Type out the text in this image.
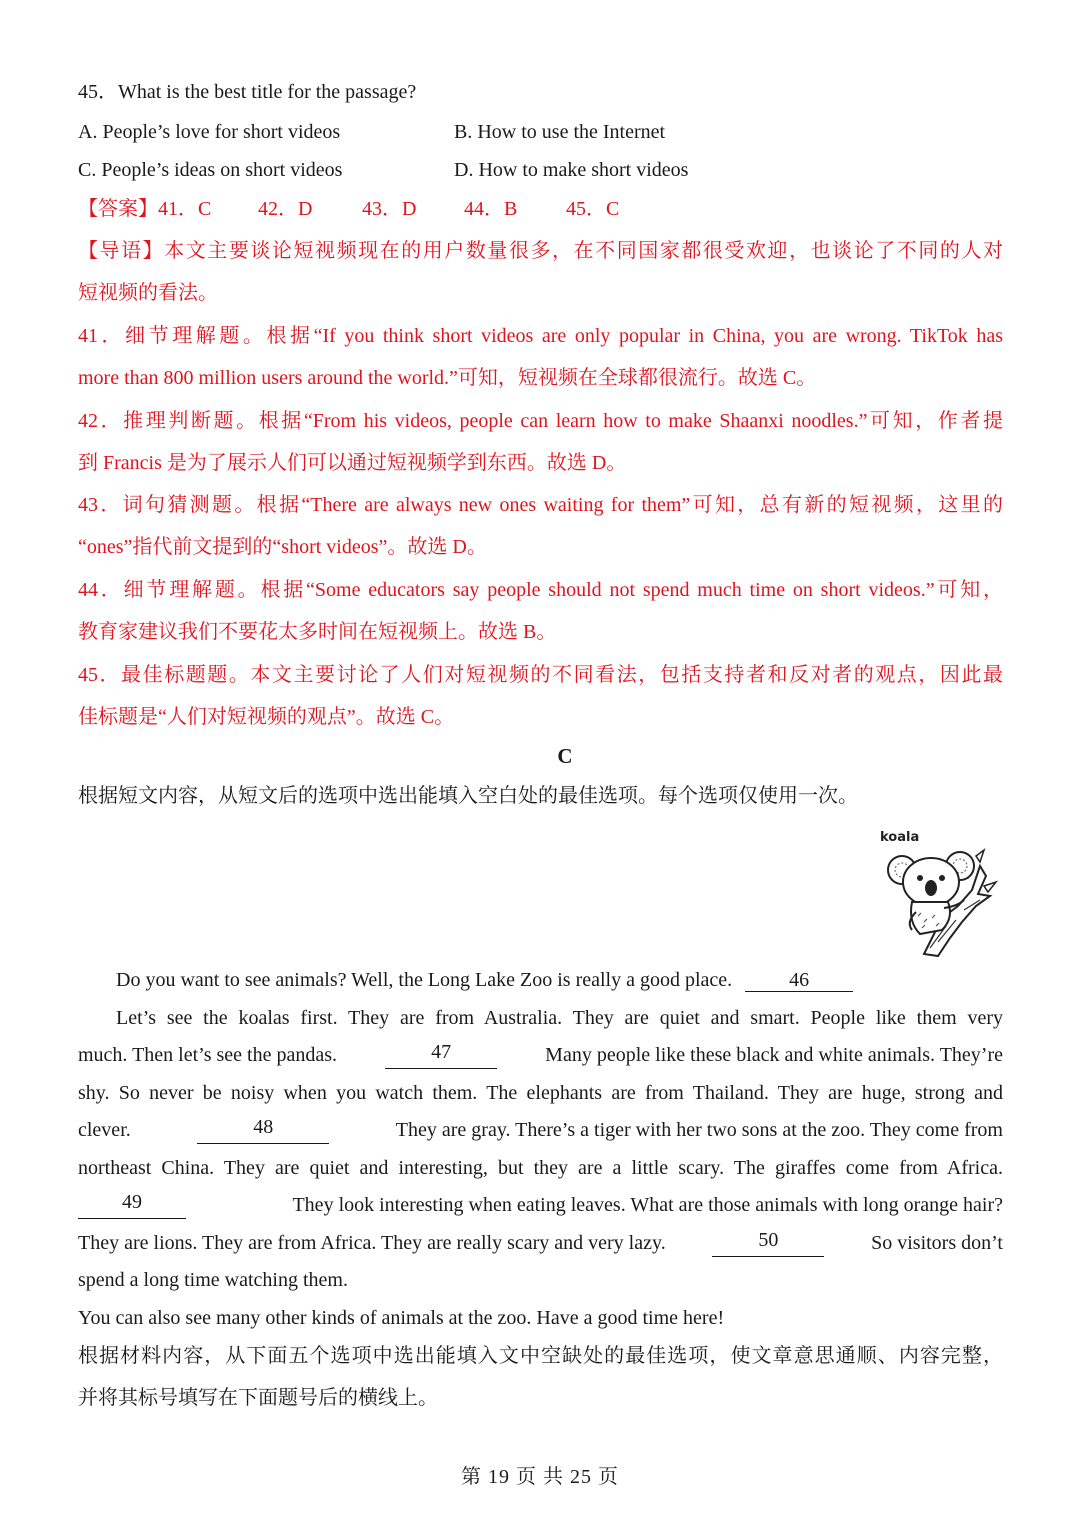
45．What is the best title for the passage?
A. People’s love for short videos	B. How to use the Internet
C. People’s ideas on short videos	D. How to make short videos
【答案】41．C 42．D 43．D 44．B 45．C
【导语】本文主要谈论短视频现在的用户数量很多，在不同国家都很受欢迎，也谈论了不同的人对
短视频的看法。
41．细节理解题。根据“If you think short videos are only popular in China, you are wrong. TikTok has
more than 800 million users around the world.”可知，短视频在全球都很流行。故选 C。
42．推理判断题。根据“From his videos, people can learn how to make Shaanxi noodles.”可知，作者提
到 Francis 是为了展示人们可以通过短视频学到东西。故选 D。
43．词句猜测题。根据“There are always new ones waiting for them”可知，总有新的短视频，这里的
“ones”指代前文提到的“short videos”。故选 D。
44．细节理解题。根据“Some educators say people should not spend much time on short videos.”可知，
教育家建议我们不要花太多时间在短视频上。故选 B。
45．最佳标题题。本文主要讨论了人们对短视频的不同看法，包括支持者和反对者的观点，因此最
佳标题是“人们对短视频的观点”。故选 C。
C
根据短文内容，从短文后的选项中选出能填入空白处的最佳选项。每个选项仅使用一次。
koala
Do you want to see animals? Well, the Long Lake Zoo is really a good place.	46
Let’s see the koalas first. They are from Australia. They are quiet and smart. People like them very
much. Then let’s see the pandas.	47	Many people like these black and white animals. They’re
shy. So never be noisy when you watch them. The elephants are from Thailand. They are huge, strong and
clever.	48	They are gray. There’s a tiger with her two sons at the zoo. They come from
northeast China. They are quiet and interesting, but they are a little scary. The giraffes come from Africa.
49	They look interesting when eating leaves. What are those animals with long orange hair?
They are lions. They are from Africa. They are really scary and very lazy.	50	So visitors don’t
spend a long time watching them.
You can also see many other kinds of animals at the zoo. Have a good time here!
根据材料内容，从下面五个选项中选出能填入文中空缺处的最佳选项，使文章意思通顺、内容完整，
并将其标号填写在下面题号后的横线上。
第 19 页 共 25 页
